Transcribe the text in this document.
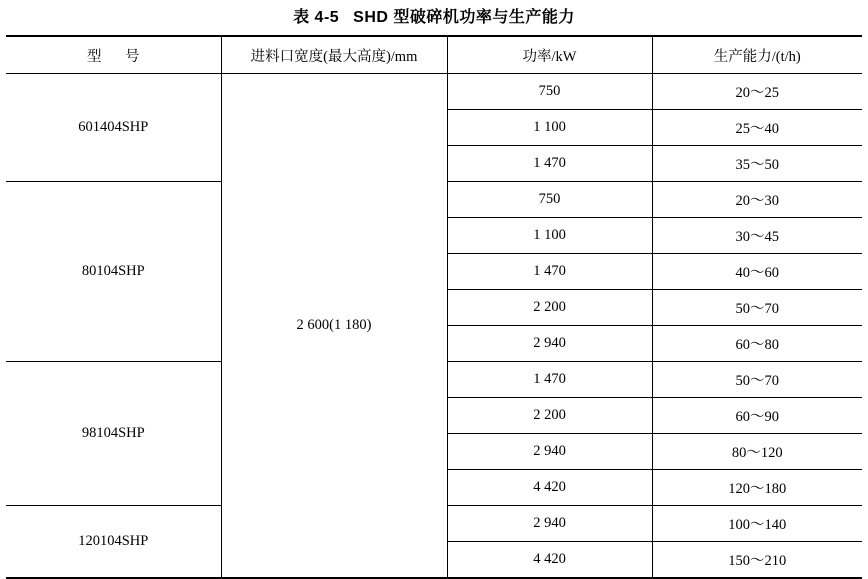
表 4-5 SHD 型破碎机功率与生产能力
型 号	进料口宽度(最大高度)/mm	功率/kW	生产能力/(t/h)
601404SHP	2 600(1 180)	750	20～25
		1 100	25～40
		1 470	35～50
80104SHP		750	20～30
		1 100	30～45
		1 470	40～60
		2 200	50～70
		2 940	60～80
98104SHP		1 470	50～70
		2 200	60～90
		2 940	80～120
		4 420	120～180
120104SHP		2 940	100～140
		4 420	150～210
